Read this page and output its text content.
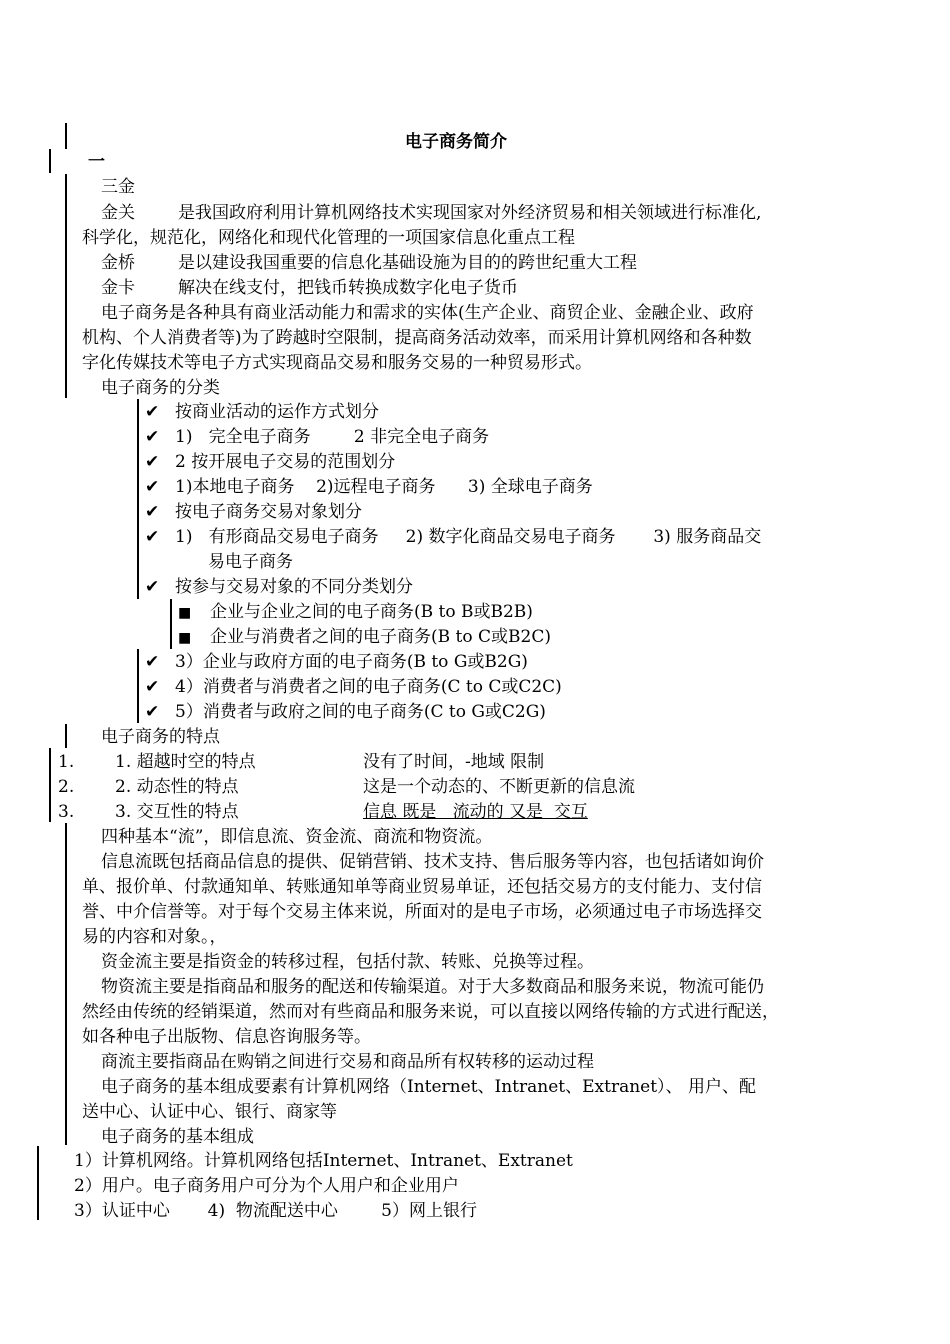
电子商务简介
一
三金
金关	是我国政府利用计算机网络技术实现国家对外经济贸易和相关领域进行标准化,
科学化，规范化，网络化和现代化管理的一项国家信息化重点工程
金桥	是以建设我国重要的信息化基础设施为目的的跨世纪重大工程
金卡	解决在线支付，把钱币转换成数字化电子货币
电子商务是各种具有商业活动能力和需求的实体(生产企业、商贸企业、金融企业、政府
机构、个人消费者等)为了跨越时空限制，提高商务活动效率，而采用计算机网络和各种数
字化传媒技术等电子方式实现商品交易和服务交易的一种贸易形式。
电子商务的分类
✔ 按商业活动的运作方式划分
✔ 1)   完全电子商务        2 非完全电子商务
✔ 2 按开展电子交易的范围划分
✔ 1)本地电子商务    2)远程电子商务      3) 全球电子商务
✔ 按电子商务交易对象划分
✔ 1)   有形商品交易电子商务     2) 数字化商品交易电子商务       3) 服务商品交
易电子商务
✔ 按参与交易对象的不同分类划分
■ 企业与企业之间的电子商务(B to B或B2B)
■ 企业与消费者之间的电子商务(B to C或B2C)
✔ 3）企业与政府方面的电子商务(B to G或B2G)
✔ 4）消费者与消费者之间的电子商务(C to C或C2C)
✔ 5）消费者与政府之间的电子商务(C to G或C2G)
电子商务的特点
1. 1. 超越时空的特点	没有了时间，-地域 限制
2. 2. 动态性的特点	这是一个动态的、不断更新的信息流
3. 3. 交互性的特点	信息 既是   流动的 又是  交互
四种基本“流”，即信息流、资金流、商流和物资流。
信息流既包括商品信息的提供、促销营销、技术支持、售后服务等内容，也包括诸如询价
单、报价单、付款通知单、转账通知单等商业贸易单证，还包括交易方的支付能力、支付信
誉、中介信誉等。对于每个交易主体来说，所面对的是电子市场，必须通过电子市场选择交
易的内容和对象。，
资金流主要是指资金的转移过程，包括付款、转账、兑换等过程。
物资流主要是指商品和服务的配送和传输渠道。对于大多数商品和服务来说，物流可能仍
然经由传统的经销渠道，然而对有些商品和服务来说，可以直接以网络传输的方式进行配送，
如各种电子出版物、信息咨询服务等。
商流主要指商品在购销之间进行交易和商品所有权转移的运动过程
电子商务的基本组成要素有计算机网络（Internet、Intranet、Extranet）、 用户、配
送中心、认证中心、银行、商家等
电子商务的基本组成
1）计算机网络。计算机网络包括Internet、Intranet、Extranet
2）用户。电子商务用户可分为个人用户和企业用户
3）认证中心       4)  物流配送中心        5）网上银行
